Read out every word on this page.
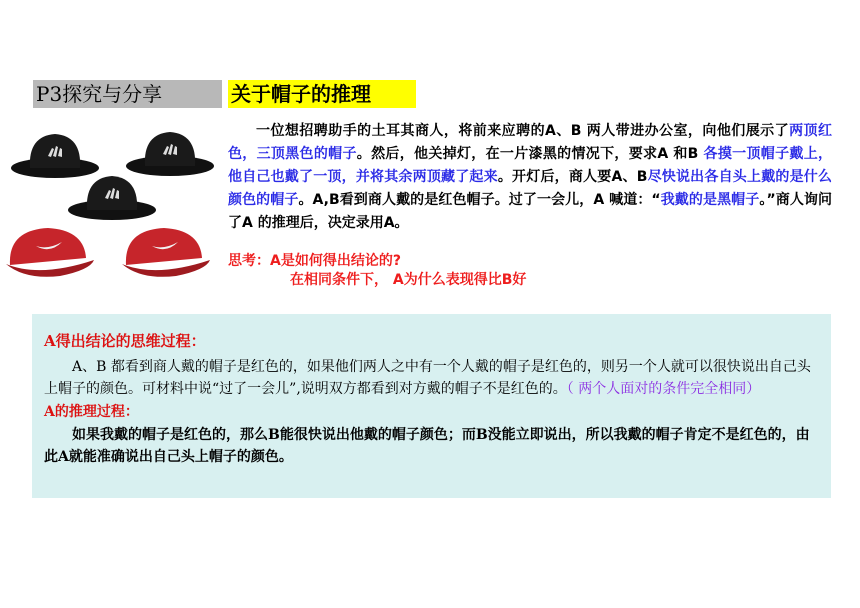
P3探究与分享	关于帽子的推理

一位想招聘助手的土耳其商人，将前来应聘的A、B 两人带进办公室，向他们展示了两顶红色，三顶黑色的帽子。然后，他关掉灯，在一片漆黑的情况下，要求A 和B 各摸一顶帽子戴上，他自己也戴了一顶，并将其余两顶藏了起来。开灯后，商人要A、B尽快说出各自头上戴的是什么颜色的帽子。A,B看到商人戴的是红色帽子。过了一会儿，A 喊道：“我戴的是黑帽子。”商人询问了A 的推理后，决定录用A。

思考：A是如何得出结论的?
在相同条件下， A为什么表现得比B好
A得出结论的思维过程：

A、B 都看到商人戴的帽子是红色的，如果他们两人之中有一个人戴的帽子是红色的，则另一个人就可以很快说出自己头上帽子的颜色。可材料中说“过了一会儿”,说明双方都看到对方戴的帽子不是红色的。（ 两个人面对的条件完全相同）

A的推理过程：

如果我戴的帽子是红色的，那么B能很快说出他戴的帽子颜色；而B没能立即说出，所以我戴的帽子肯定不是红色的，由此A就能准确说出自己头上帽子的颜色。
